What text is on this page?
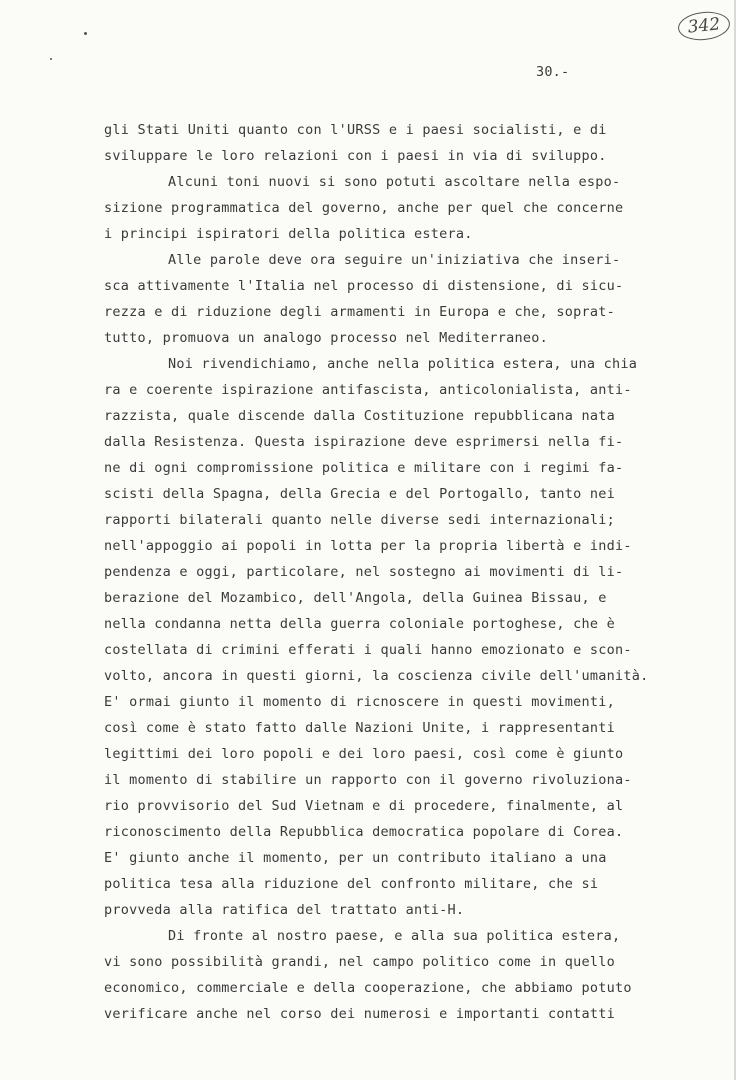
342
30.-
gli Stati Uniti quanto con l'URSS e i paesi socialisti, e di
sviluppare le loro relazioni con i paesi in via di sviluppo.
Alcuni toni nuovi si sono potuti ascoltare nella espo-
sizione programmatica del governo, anche per quel che concerne
i principi ispiratori della politica estera.
Alle parole deve ora seguire un'iniziativa che inseri-
sca attivamente l'Italia nel processo di distensione, di sicu-
rezza e di riduzione degli armamenti in Europa e che, soprat-
tutto, promuova un analogo processo nel Mediterraneo.
Noi rivendichiamo, anche nella politica estera, una chia
ra e coerente ispirazione antifascista, anticolonialista, anti-
razzista, quale discende dalla Costituzione repubblicana nata
dalla Resistenza. Questa ispirazione deve esprimersi nella fi-
ne di ogni compromissione politica e militare con i regimi fa-
scisti della Spagna, della Grecia e del Portogallo, tanto nei
rapporti bilaterali quanto nelle diverse sedi internazionali;
nell'appoggio ai popoli in lotta per la propria libertà e indi-
pendenza e oggi, particolare, nel sostegno ai movimenti di li-
berazione del Mozambico, dell'Angola, della Guinea Bissau, e
nella condanna netta della guerra coloniale portoghese, che è
costellata di crimini efferati i quali hanno emozionato e scon-
volto, ancora in questi giorni, la coscienza civile dell'umanità.
E' ormai giunto il momento di ricnoscere in questi movimenti,
così come è stato fatto dalle Nazioni Unite, i rappresentanti
legittimi dei loro popoli e dei loro paesi, così come è giunto
il momento di stabilire un rapporto con il governo rivoluziona-
rio provvisorio del Sud Vietnam e di procedere, finalmente, al
riconoscimento della Repubblica democratica popolare di Corea.
E' giunto anche il momento, per un contributo italiano a una
politica tesa alla riduzione del confronto militare, che si
provveda alla ratifica del trattato anti-H.
Di fronte al nostro paese, e alla sua politica estera,
vi sono possibilità grandi, nel campo politico come in quello
economico, commerciale e della cooperazione, che abbiamo potuto
verificare anche nel corso dei numerosi e importanti contatti
